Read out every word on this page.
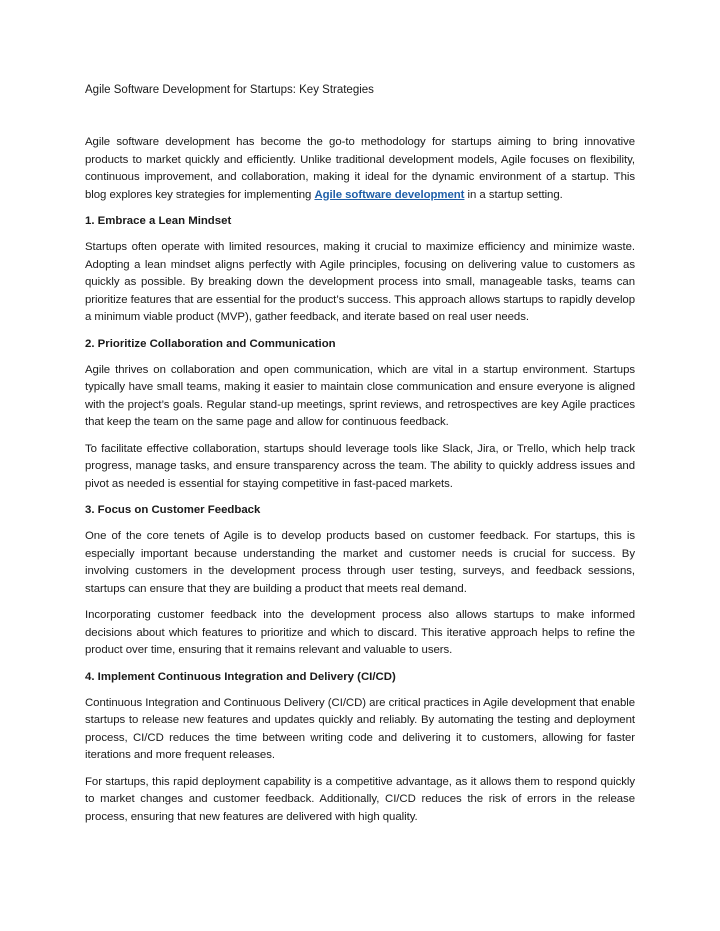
Agile Software Development for Startups: Key Strategies

Agile software development has become the go-to methodology for startups aiming to bring innovative products to market quickly and efficiently. Unlike traditional development models, Agile focuses on flexibility, continuous improvement, and collaboration, making it ideal for the dynamic environment of a startup. This blog explores key strategies for implementing Agile software development in a startup setting.

1. Embrace a Lean Mindset

Startups often operate with limited resources, making it crucial to maximize efficiency and minimize waste. Adopting a lean mindset aligns perfectly with Agile principles, focusing on delivering value to customers as quickly as possible. By breaking down the development process into small, manageable tasks, teams can prioritize features that are essential for the product’s success. This approach allows startups to rapidly develop a minimum viable product (MVP), gather feedback, and iterate based on real user needs.

2. Prioritize Collaboration and Communication

Agile thrives on collaboration and open communication, which are vital in a startup environment. Startups typically have small teams, making it easier to maintain close communication and ensure everyone is aligned with the project’s goals. Regular stand-up meetings, sprint reviews, and retrospectives are key Agile practices that keep the team on the same page and allow for continuous feedback.

To facilitate effective collaboration, startups should leverage tools like Slack, Jira, or Trello, which help track progress, manage tasks, and ensure transparency across the team. The ability to quickly address issues and pivot as needed is essential for staying competitive in fast-paced markets.

3. Focus on Customer Feedback

One of the core tenets of Agile is to develop products based on customer feedback. For startups, this is especially important because understanding the market and customer needs is crucial for success. By involving customers in the development process through user testing, surveys, and feedback sessions, startups can ensure that they are building a product that meets real demand.

Incorporating customer feedback into the development process also allows startups to make informed decisions about which features to prioritize and which to discard. This iterative approach helps to refine the product over time, ensuring that it remains relevant and valuable to users.

4. Implement Continuous Integration and Delivery (CI/CD)

Continuous Integration and Continuous Delivery (CI/CD) are critical practices in Agile development that enable startups to release new features and updates quickly and reliably. By automating the testing and deployment process, CI/CD reduces the time between writing code and delivering it to customers, allowing for faster iterations and more frequent releases.

For startups, this rapid deployment capability is a competitive advantage, as it allows them to respond quickly to market changes and customer feedback. Additionally, CI/CD reduces the risk of errors in the release process, ensuring that new features are delivered with high quality.
